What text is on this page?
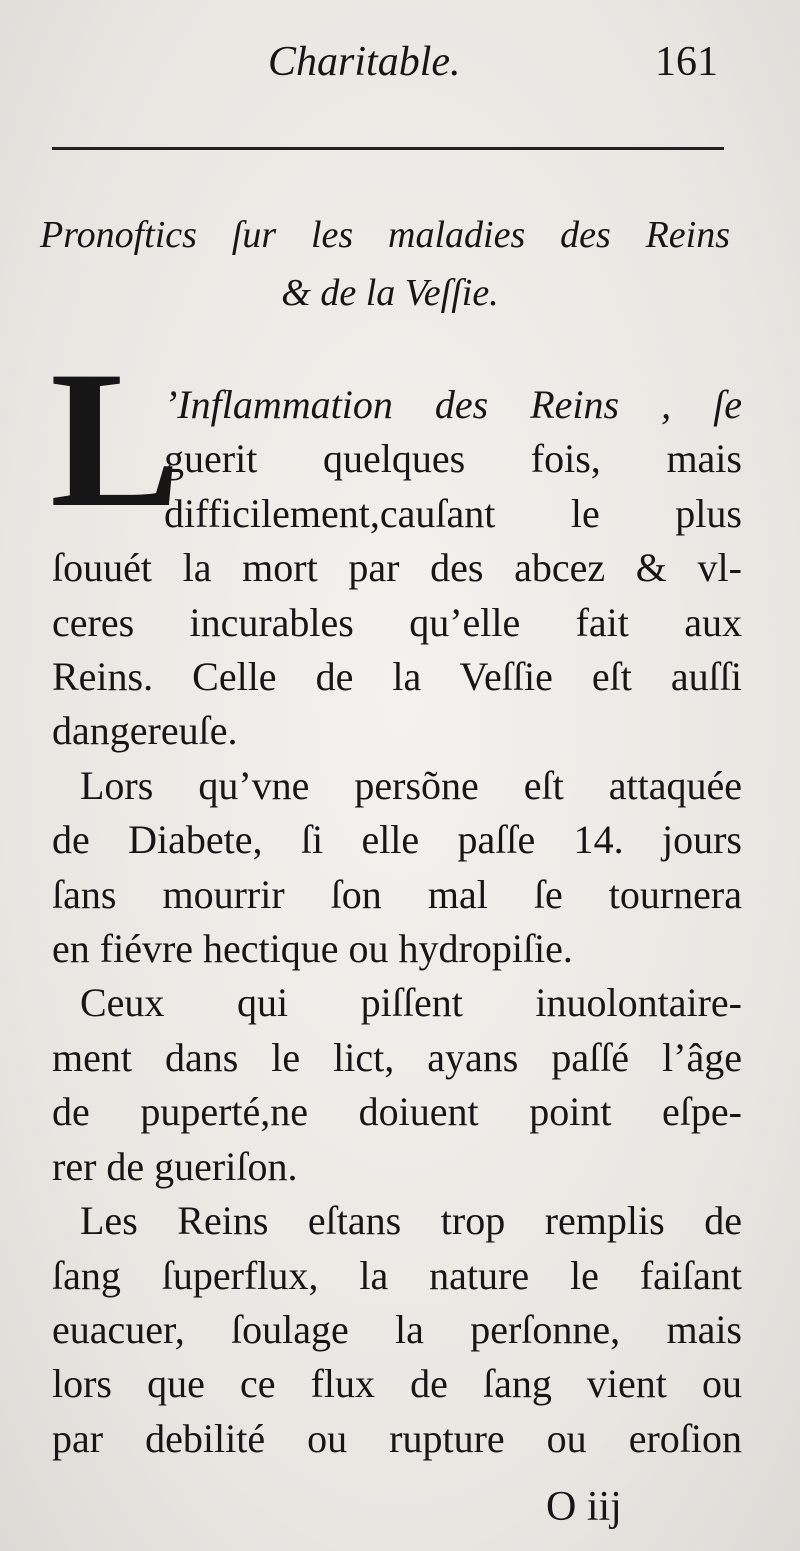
Charitable.	161
Pronoftics ſur les maladies des Reins
& de la Veſſie.
L
’Inflammation des Reins , ſe
guerit quelques fois, mais
difficilement,cauſant le plus
ſouuét la mort par des abcez & vl-
ceres incurables qu’elle fait aux
Reins. Celle de la Veſſie eſt auſſi
dangereuſe.
Lors qu’vne persõne eſt attaquée
de Diabete, ſi elle paſſe 14. jours
ſans mourrir ſon mal ſe tournera
en fiévre hectique ou hydropiſie.
Ceux qui piſſent inuolontaire-
ment dans le lict, ayans paſſé l’âge
de puperté,ne doiuent point eſpe-
rer de gueriſon.
Les Reins eſtans trop remplis de
ſang ſuperflux, la nature le faiſant
euacuer, ſoulage la perſonne, mais
lors que ce flux de ſang vient ou
par debilité ou rupture ou eroſion
O iij
